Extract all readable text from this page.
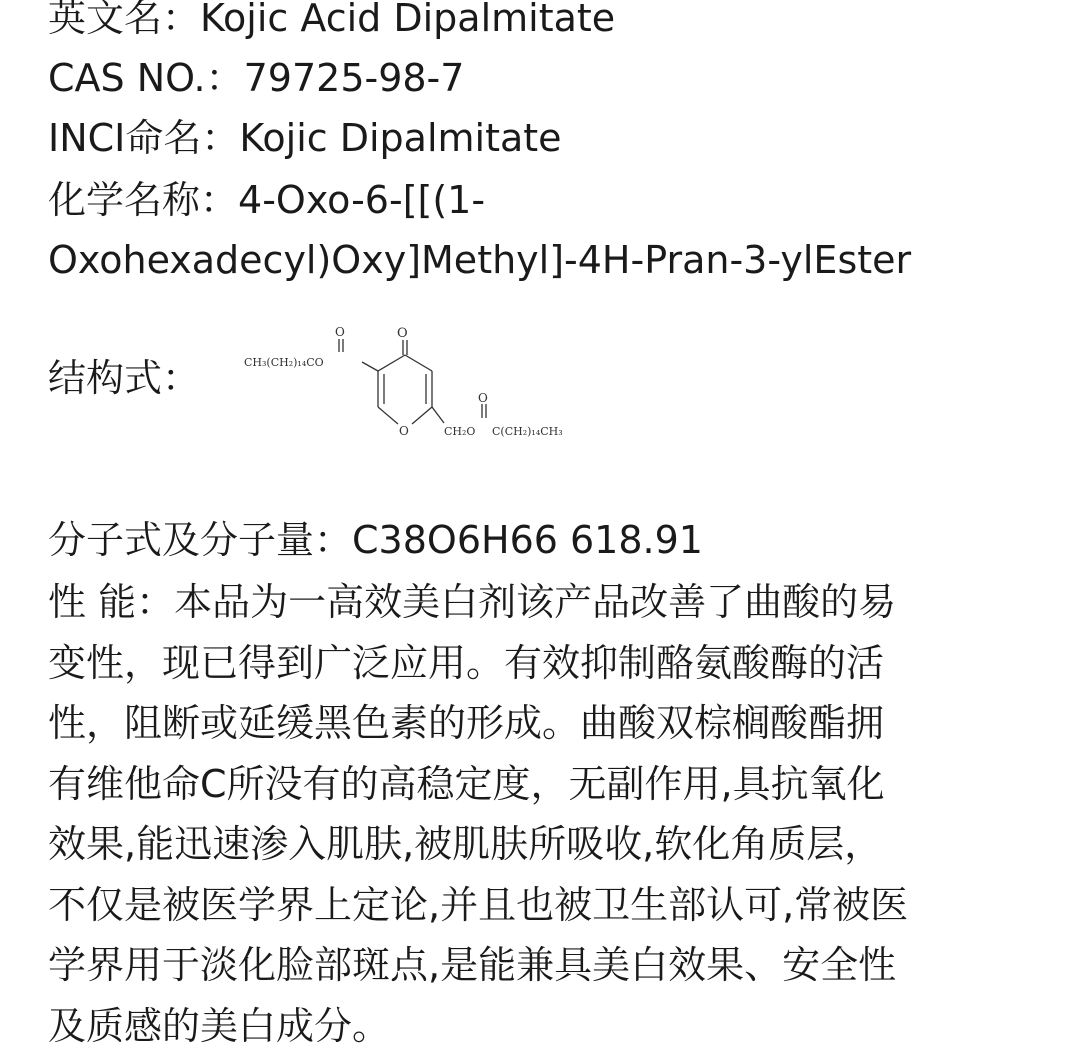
英文名：Kojic Acid Dipalmitate
CAS NO.：79725-98-7
INCI命名：Kojic Dipalmitate
化学名称：4-Oxo-6-[[(1-
Oxohexadecyl)Oxy]Methyl]-4H-Pran-3-ylEster
结构式：
O
O
CH₃(CH₂)₁₄CO
O
O
CH₂O C(CH₂)₁₄CH₃
分子式及分子量：C38O6H66 618.91
性 能：本品为一高效美白剂该产品改善了曲酸的易
变性，现已得到广泛应用。有效抑制酪氨酸酶的活
性，阻断或延缓黑色素的形成。曲酸双棕榈酸酯拥
有维他命C所没有的高稳定度，无副作用,具抗氧化
效果,能迅速渗入肌肤,被肌肤所吸收,软化角质层，
不仅是被医学界上定论,并且也被卫生部认可,常被医
学界用于淡化脸部斑点,是能兼具美白效果、安全性
及质感的美白成分。
